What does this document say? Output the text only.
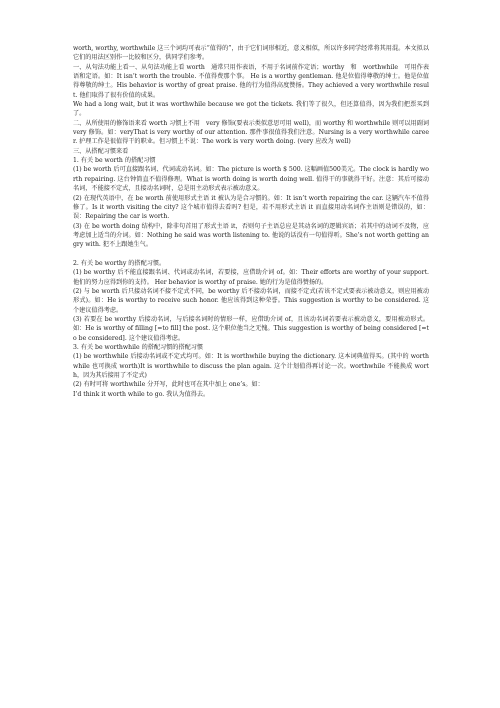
worth, worthy, worthwhile 这三个词均可表示“值得的”，由于它们词形相近，意义相似，所以许多同学经常将其用混。本文拟以它们的用法区别作一比较和区分，供同学们参考。

一、从句法功能上看一、从句法功能上看 worth　通常只用作表语，不用于名词前作定语；worthy　和　worthwhile　可用作表语和定语。如：It isn’t worth the trouble. 不值得费那个事。 He is a worthy gentleman. 他是位值得尊敬的绅士。他是位值得尊敬的绅士。His behavior is worthy of great praise. 他的行为值得高度赞扬。They achieved a very worthwhile result. 他们取得了很有价值的成果。

We had a long wait, but it was worthwhile because we got the tickets. 我们等了很久，但还算值得，因为我们把票买到了。

二、从所使用的修饰语来看 worth 习惯上不用　very 修饰(要表示类似意思可用 well)，而 worthy 和 worthwhile 则可以用副词 very 修饰。如：veryThat is very worthy of our attention. 那件事很值得我们注意。Nursing is a very worthwhile career. 护理工作是很值得干的职业。但习惯上不说：The work is very worth doing. (very 应改为 well)

三、从搭配习惯来看

1. 有关 be worth 的搭配习惯

(1) be worth 后可直接跟名词、代词或动名词。如：The picture is worth $ 500. 这幅画值500美元。The clock is hardly worth repairing. 这台钟简直不值得修理。What is worth doing is worth doing well. 值得干的事就得干好。注意：其后可接动名词，不能接不定式，且接动名词时，总是用主动形式表示被动意义。

(2) 在现代英语中，在 be worth 前使用形式主语 it 被认为是合习惯的。如：It isn’t worth repairing the car. 这辆汽车不值得修了。Is it worth visiting the city? 这个城市值得去看吗? 但是，若不用形式主语 it 而直接用动名词作主语则是错误的，如：误：Repairing the car is worth.

(3) 在 be worth doing 结构中，除非句首用了形式主语 it，否则句子主语总应是其动名词的逻辑宾语；若其中的动词不及物，应考虑加上适当的介词。如：Nothing he said was worth listening to. 他说的话没有一句值得听。She’s not worth getting angry with. 犯不上跟她生气。

2. 有关 be worthy 的搭配习惯。

(1) be worthy 后不能直接跟名词、代词或动名词，若要接，应借助介词 of。如：Their efforts are worthy of your support. 他们的努力应得到你的支持。 Her behavior is worthy of praise. 她的行为是值得赞扬的。

(2) 与 be worth 后只接动名词不接不定式不同，be worthy 后不接动名词，而接不定式(若该不定式要表示被动意义，则应用被动形式)。如：He is worthy to receive such honor. 他应该得到这种荣誉。This suggestion is worthy to be considered. 这个建议值得考虑。

(3) 若要在 be worthy 后接动名词，与后接名词时的情形一样，应借助介词 of，且该动名词若要表示被动意义，要用被动形式。如：He is worthy of filling [=to fill] the post. 这个职位他当之无愧。This suggestion is worthy of being considered [=to be considered]. 这个建议值得考虑。

3. 有关 be worthwhile 的搭配习惯的搭配习惯

(1) be worthwhile 后接动名词或不定式均可。如：It is worthwhile buying the dictionary. 这本词典值得买。(其中的 worthwhile 也可换成 worth)It is worthwhile to discuss the plan again. 这个计划值得再讨论一次。worthwhile 不能换成 worth，因为其后接用了不定式)

(2) 有时可将 worthwhile 分开写，此时也可在其中加上 one’s。如：

I’d think it worth while to go. 我认为值得去。
